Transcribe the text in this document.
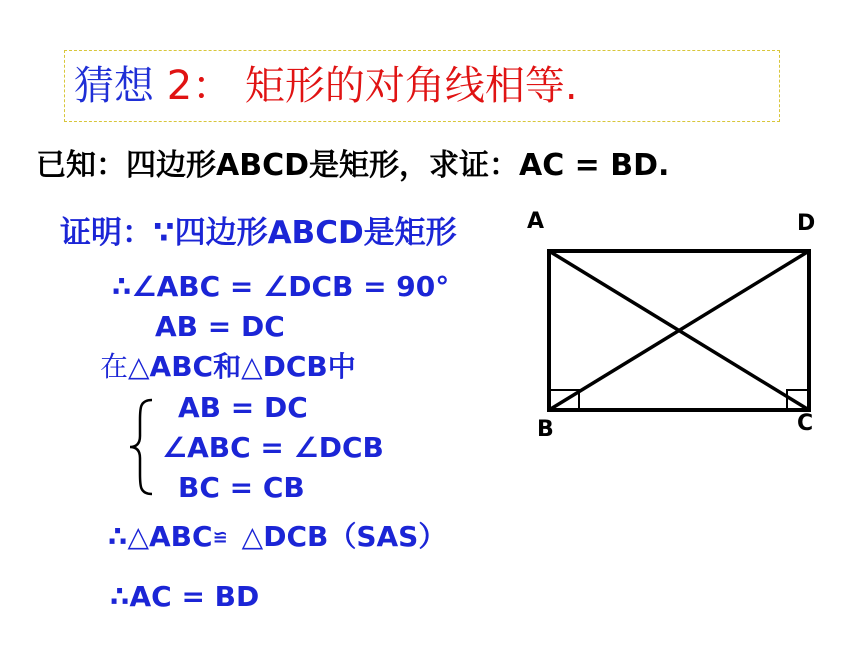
猜想 2： 矩形的对角线相等.
已知：四边形ABCD是矩形，求证：AC = BD.
证明：∵四边形ABCD是矩形
∴∠ABC = ∠DCB = 90°
AB = DC
在△ABC和△DCB中
AB = DC
∠ABC = ∠DCB
BC = CB
∴△ABC≌ △DCB（SAS）
∴AC = BD
A	D
B	C
